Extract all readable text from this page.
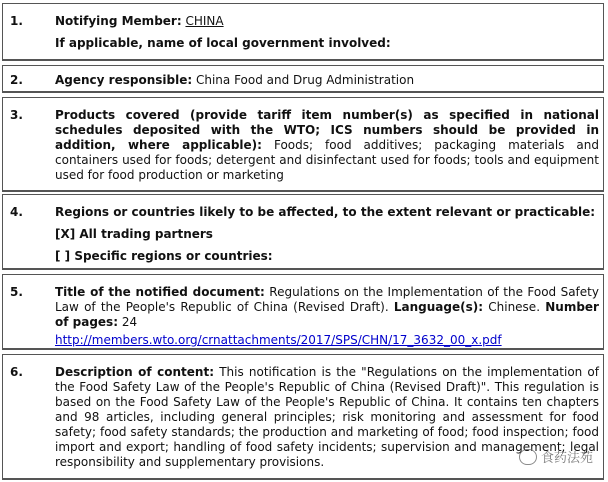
1.	Notifying Member: CHINA
If applicable, name of local government involved:
2.	Agency responsible: China Food and Drug Administration
3.	Products covered (provide tariff item number(s) as specified in national schedules deposited with the WTO; ICS numbers should be provided in addition, where applicable): Foods; food additives; packaging materials and containers used for foods; detergent and disinfectant used for foods; tools and equipment used for food production or marketing
4.	Regions or countries likely to be affected, to the extent relevant or practicable:
[X] All trading partners
[ ] Specific regions or countries:
5.	Title of the notified document: Regulations on the Implementation of the Food Safety Law of the People's Republic of China (Revised Draft). Language(s): Chinese. Number of pages: 24
http://members.wto.org/crnattachments/2017/SPS/CHN/17_3632_00_x.pdf
6.	Description of content: This notification is the "Regulations on the implementation of the Food Safety Law of the People's Republic of China (Revised Draft)". This regulation is based on the Food Safety Law of the People's Republic of China. It contains ten chapters and 98 articles, including general principles; risk monitoring and assessment for food safety; food safety standards; the production and marketing of food; food inspection; food import and export; handling of food safety incidents; supervision and management; legal responsibility and supplementary provisions.	食药法苑
